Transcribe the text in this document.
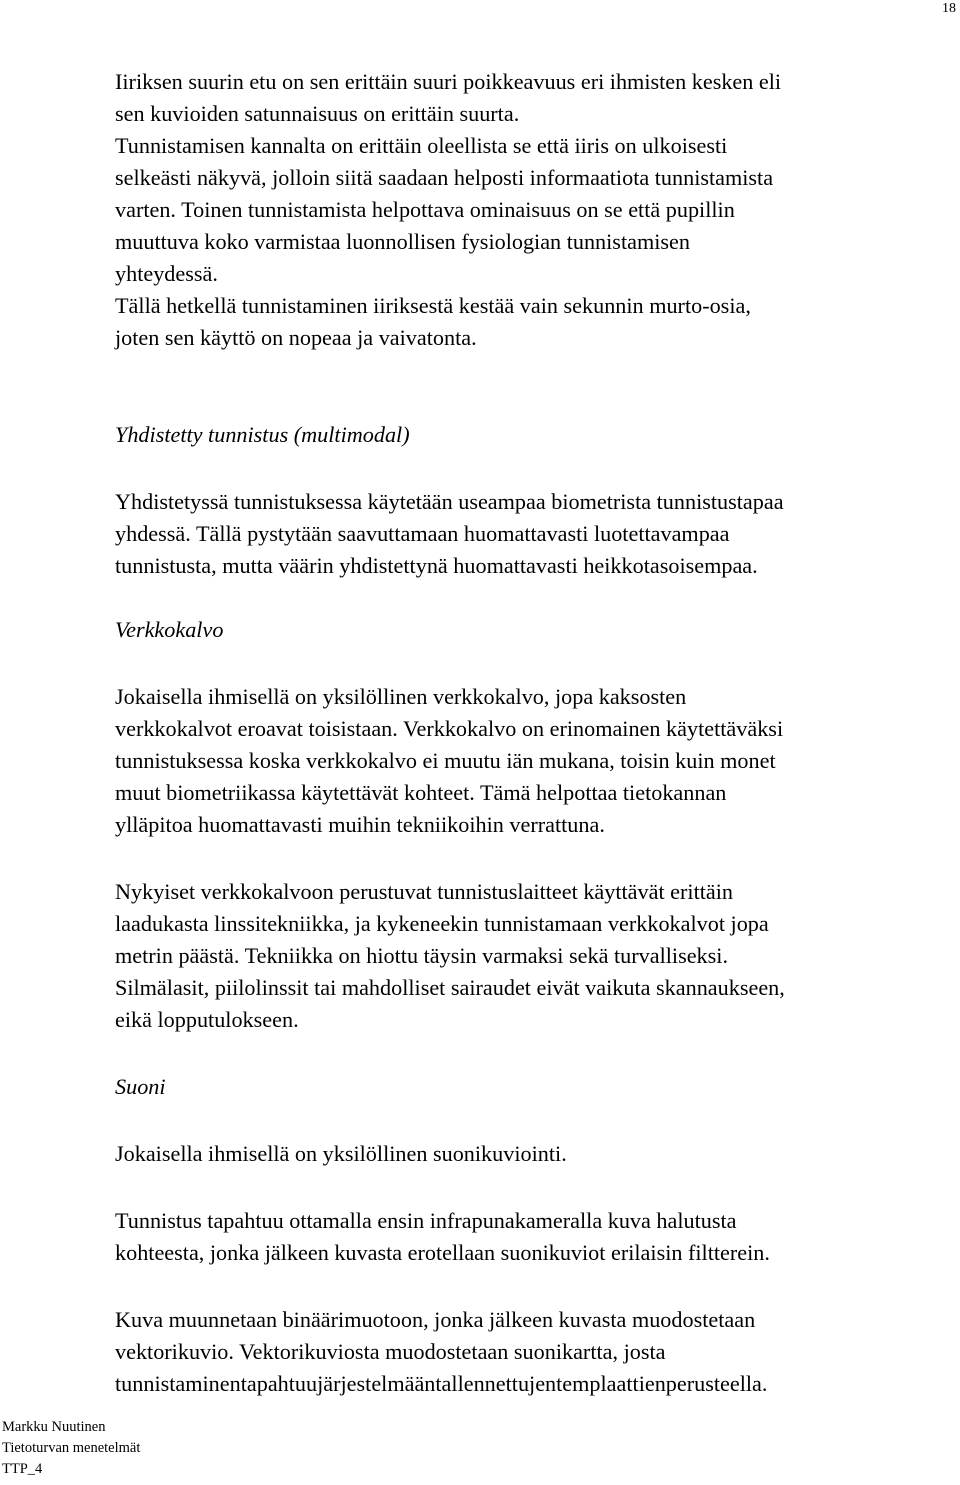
18

Iiriksen suurin etu on sen erittäin suuri poikkeavuus eri ihmisten kesken eli
sen kuvioiden satunnaisuus on erittäin suurta.
Tunnistamisen kannalta on erittäin oleellista se että iiris on ulkoisesti
selkeästi näkyvä, jolloin siitä saadaan helposti informaatiota tunnistamista
varten. Toinen tunnistamista helpottava ominaisuus on se että pupillin
muuttuva koko varmistaa luonnollisen fysiologian tunnistamisen
yhteydessä.
Tällä hetkellä tunnistaminen iiriksestä kestää vain sekunnin murto-osia,
joten sen käyttö on nopeaa ja vaivatonta.

Yhdistetty tunnistus (multimodal)

Yhdistetyssä tunnistuksessa käytetään useampaa biometrista tunnistustapaa
yhdessä. Tällä pystytään saavuttamaan huomattavasti luotettavampaa
tunnistusta, mutta väärin yhdistettynä huomattavasti heikkotasoisempaa.

Verkkokalvo

Jokaisella ihmisellä on yksilöllinen verkkokalvo, jopa kaksosten
verkkokalvot eroavat toisistaan. Verkkokalvo on erinomainen käytettäväksi
tunnistuksessa koska verkkokalvo ei muutu iän mukana, toisin kuin monet
muut biometriikassa käytettävät kohteet. Tämä helpottaa tietokannan
ylläpitoa huomattavasti muihin tekniikoihin verrattuna.

Nykyiset verkkokalvoon perustuvat tunnistuslaitteet käyttävät erittäin
laadukasta linssitekniikka, ja kykeneekin tunnistamaan verkkokalvot jopa
metrin päästä. Tekniikka on hiottu täysin varmaksi sekä turvalliseksi.
Silmälasit, piilolinssit tai mahdolliset sairaudet eivät vaikuta skannaukseen,
eikä lopputulokseen.

Suoni

Jokaisella ihmisellä on yksilöllinen suonikuviointi.

Tunnistus tapahtuu ottamalla ensin infrapunakameralla kuva halutusta
kohteesta, jonka jälkeen kuvasta erotellaan suonikuviot erilaisin filtterein.

Kuva muunnetaan binäärimuotoon, jonka jälkeen kuvasta muodostetaan
vektorikuvio. Vektorikuviosta muodostetaan suonikartta, josta
tunnistaminentapahtuujärjestelmääntallennettujentemplaattienperusteella.

Markku Nuutinen
Tietoturvan menetelmät
TTP_4
